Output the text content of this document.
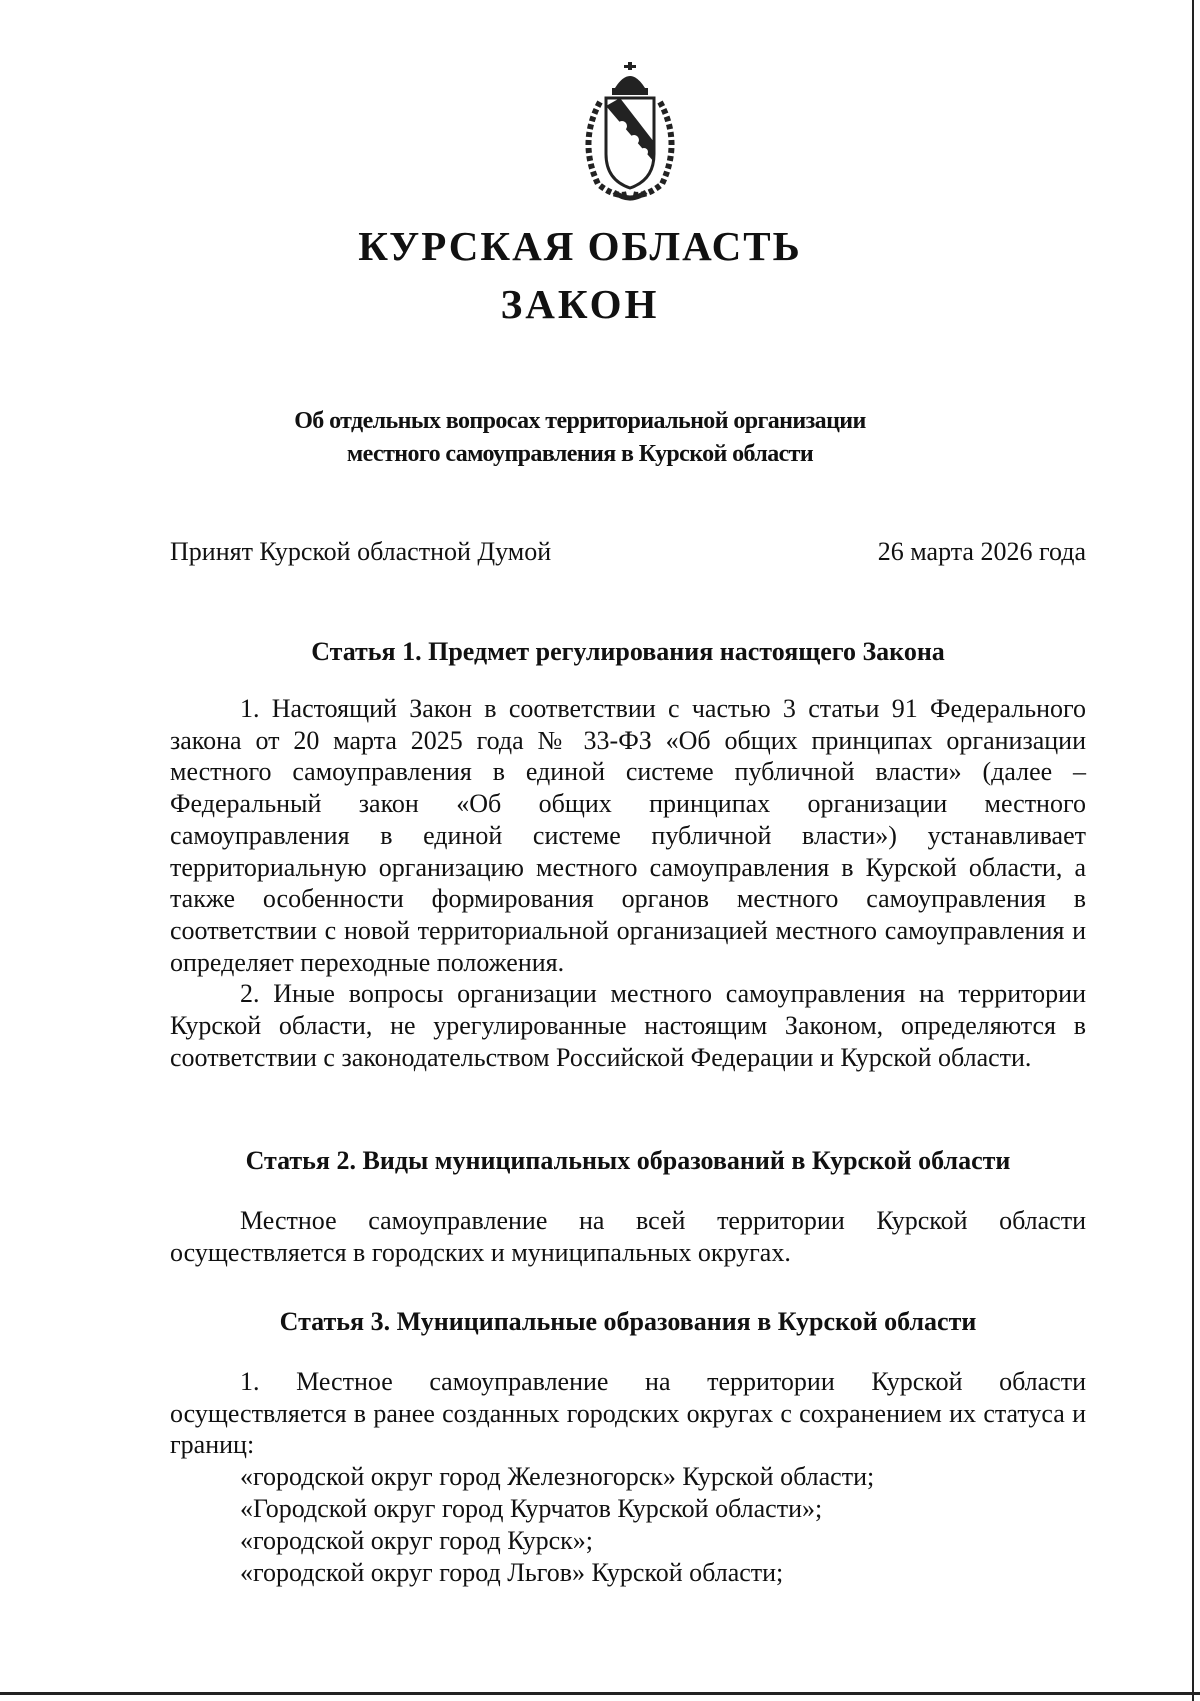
КУРСКАЯ ОБЛАСТЬ
ЗАКОН
Об отдельных вопросах территориальной организации
местного самоуправления в Курской области
Принят Курской областной Думой	26 марта 2026 года
Статья 1. Предмет регулирования настоящего Закона

1. Настоящий Закон в соответствии с частью 3 статьи 91 Федерального закона от 20 марта 2025 года № 33-ФЗ «Об общих принципах организации местного самоуправления в единой системе публичной власти» (далее – Федеральный закон «Об общих принципах организации местного самоуправления в единой системе публичной власти») устанавливает территориальную организацию местного самоуправления в Курской области, а также особенности формирования органов местного самоуправления в соответствии с новой территориальной организацией местного самоуправления и определяет переходные положения.

2. Иные вопросы организации местного самоуправления на территории Курской области, не урегулированные настоящим Законом, определяются в соответствии с законодательством Российской Федерации и Курской области.

Статья 2. Виды муниципальных образований в Курской области

Местное самоуправление на всей территории Курской области осуществляется в городских и муниципальных округах.

Статья 3. Муниципальные образования в Курской области

1. Местное самоуправление на территории Курской области осуществляется в ранее созданных городских округах с сохранением их статуса и границ:

«городской округ город Железногорск» Курской области;
«Городской округ город Курчатов Курской области»;
«городской округ город Курск»;
«городской округ город Льгов» Курской области;
